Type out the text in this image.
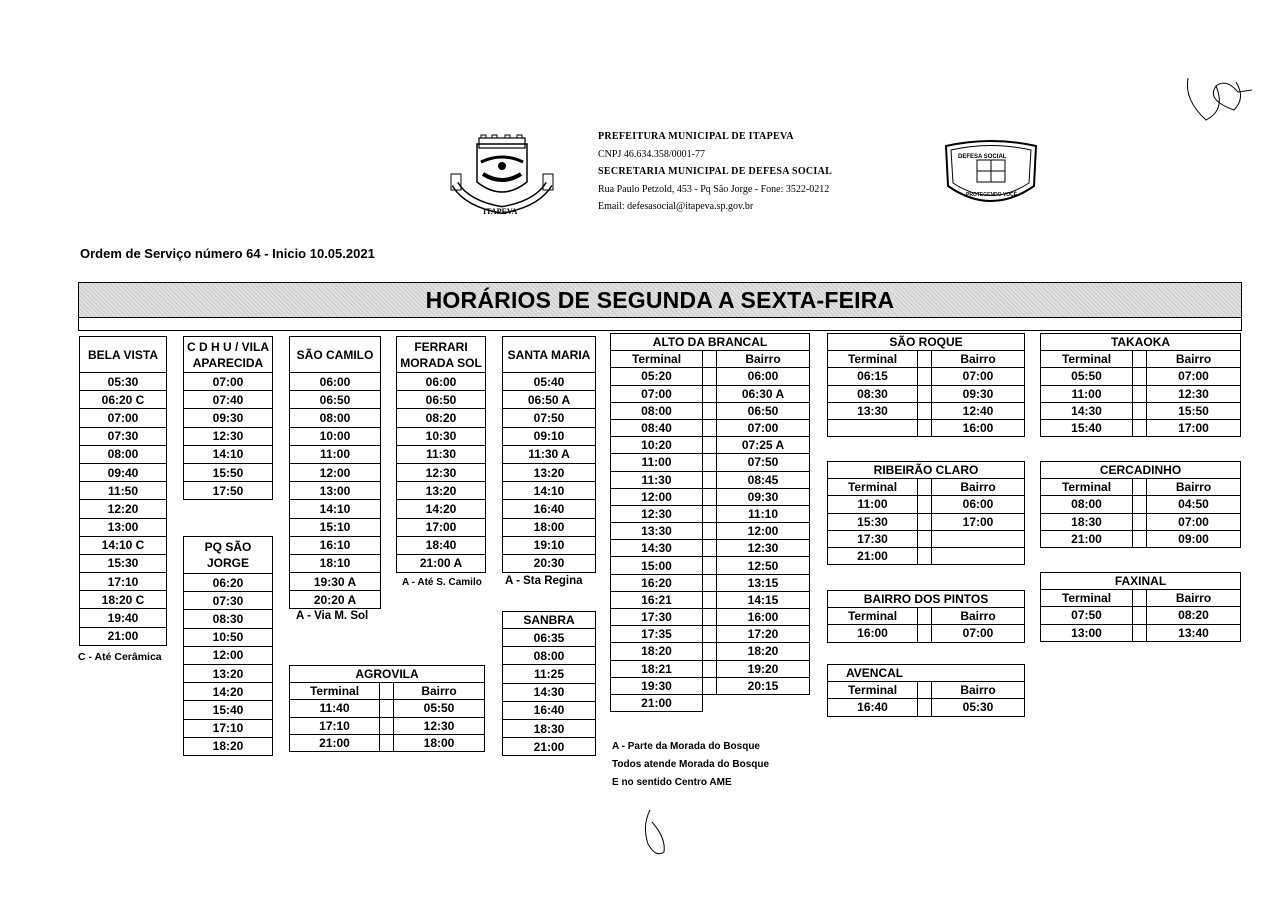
ITAPEVA
PREFEITURA MUNICIPAL DE ITAPEVA
CNPJ 46.634.358/0001-77
SECRETARIA MUNICIPAL DE DEFESA SOCIAL
Rua Paulo Petzold, 453 - Pq São Jorge - Fone: 3522-0212
Email: defesasocial@itapeva.sp.gov.br
DEFESA SOCIAL
PROTEGENDO VOCÊ
Ordem de Serviço número 64 - Inicio 10.05.2021
HORÁRIOS DE SEGUNDA A SEXTA-FEIRA
BELA VISTA
05:30
06:20 C
07:00
07:30
08:00
09:40
11:50
12:20
13:00
14:10 C
15:30
17:10
18:20 C
19:40
21:00
C - Até Cerâmica
C D H U / VILA
APARECIDA
07:00
07:40
09:30
12:30
14:10
15:50
17:50
PQ SÃO JORGE
06:20
07:30
08:30
10:50
12:00
13:20
14:20
15:40
17:10
18:20
SÃO CAMILO
06:00
06:50
08:00
10:00
11:00
12:00
13:00
14:10
15:10
16:10
18:10
19:30 A
20:20 A
A - Via M. Sol
FERRARI
MORADA SOL
06:00
06:50
08:20
10:30
11:30
12:30
13:20
14:20
17:00
18:40
21:00 A
A - Até S. Camilo
SANTA MARIA
05:40
06:50 A
07:50
09:10
11:30 A
13:20
14:10
16:40
18:00
19:10
20:30
A - Sta Regina
SANBRA
06:35
08:00
11:25
14:30
16:40
18:30
21:00
AGROVILA		
Terminal		Bairro
11:40		05:50
17:10		12:30
21:00		18:00
ALTO DA BRANCAL		
Terminal		Bairro
05:20		06:00
07:00		06:30 A
08:00		06:50
08:40		07:00
10:20		07:25 A
11:00		07:50
11:30		08:45
12:00		09:30
12:30		11:10
13:30		12:00
14:30		12:30
15:00		12:50
16:20		13:15
16:21		14:15
17:30		16:00
17:35		17:20
18:20		18:20
18:21		19:20
19:30		20:15
21:00		
A - Parte da Morada do Bosque
Todos atende Morada do Bosque
E no sentido Centro AME
SÃO ROQUE		
Terminal		Bairro
06:15		07:00
08:30		09:30
13:30		12:40
		16:00
RIBEIRÃO CLARO		
Terminal		Bairro
11:00		06:00
15:30		17:00
17:30		
21:00		
BAIRRO DOS PINTOS		
Terminal		Bairro
16:00		07:00
AVENCAL		
Terminal		Bairro
16:40		05:30
TAKAOKA		
Terminal		Bairro
05:50		07:00
11:00		12:30
14:30		15:50
15:40		17:00
CERCADINHO		
Terminal		Bairro
08:00		04:50
18:30		07:00
21:00		09:00
FAXINAL		
Terminal		Bairro
07:50		08:20
13:00		13:40
